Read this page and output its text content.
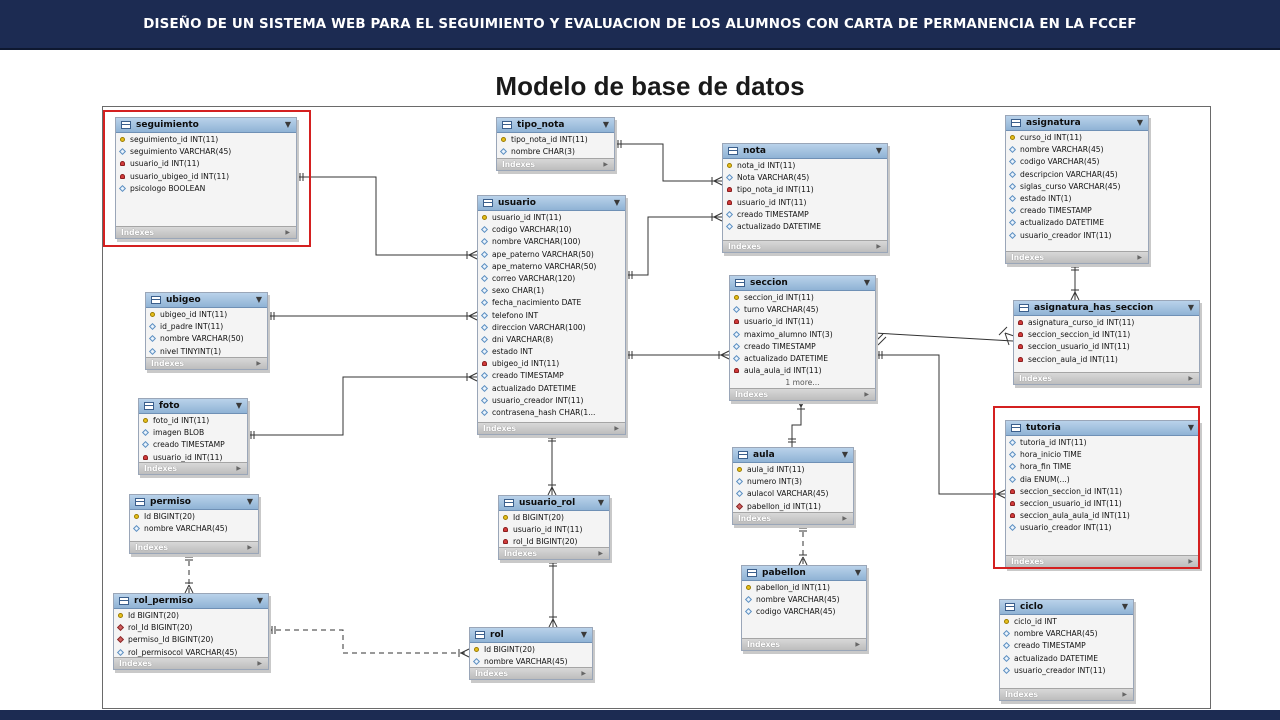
DISEÑO DE UN SISTEMA WEB PARA EL SEGUIMIENTO Y EVALUACION DE LOS ALUMNOS CON CARTA DE PERMANENCIA EN LA FCCEF
Modelo de base de datos
seguimiento	▼
seguimiento_id INT(11)
seguimiento VARCHAR(45)
usuario_id INT(11)
usuario_ubigeo_id INT(11)
psicologo BOOLEAN
Indexes	▶
tipo_nota	▼
tipo_nota_id INT(11)
nombre CHAR(3)
Indexes	▶
nota	▼
nota_id INT(11)
Nota VARCHAR(45)
tipo_nota_id INT(11)
usuario_id INT(11)
creado TIMESTAMP
actualizado DATETIME
Indexes	▶
asignatura	▼
curso_id INT(11)
nombre VARCHAR(45)
codigo VARCHAR(45)
descripcion VARCHAR(45)
siglas_curso VARCHAR(45)
estado INT(1)
creado TIMESTAMP
actualizado DATETIME
usuario_creador INT(11)
Indexes	▶
usuario	▼
usuario_id INT(11)
codigo VARCHAR(10)
nombre VARCHAR(100)
ape_paterno VARCHAR(50)
ape_materno VARCHAR(50)
correo VARCHAR(120)
sexo CHAR(1)
fecha_nacimiento DATE
telefono INT
direccion VARCHAR(100)
dni VARCHAR(8)
estado INT
ubigeo_id INT(11)
creado TIMESTAMP
actualizado DATETIME
usuario_creador INT(11)
contrasena_hash CHAR(1...
Indexes	▶
ubigeo	▼
ubigeo_id INT(11)
id_padre INT(11)
nombre VARCHAR(50)
nivel TINYINT(1)
Indexes	▶
seccion	▼
seccion_id INT(11)
turno VARCHAR(45)
usuario_id INT(11)
maximo_alumno INT(3)
creado TIMESTAMP
actualizado DATETIME
aula_aula_id INT(11)
1 more...
Indexes	▶
asignatura_has_seccion	▼
asignatura_curso_id INT(11)
seccion_seccion_id INT(11)
seccion_usuario_id INT(11)
seccion_aula_id INT(11)
Indexes	▶
foto	▼
foto_id INT(11)
imagen BLOB
creado TIMESTAMP
usuario_id INT(11)
Indexes	▶
aula	▼
aula_id INT(11)
numero INT(3)
aulacol VARCHAR(45)
pabellon_id INT(11)
Indexes	▶
tutoria	▼
tutoria_id INT(11)
hora_inicio TIME
hora_fin TIME
dia ENUM(...)
seccion_seccion_id INT(11)
seccion_usuario_id INT(11)
seccion_aula_aula_id INT(11)
usuario_creador INT(11)
Indexes	▶
permiso	▼
Id BIGINT(20)
nombre VARCHAR(45)
Indexes	▶
usuario_rol	▼
Id BIGINT(20)
usuario_id INT(11)
rol_Id BIGINT(20)
Indexes	▶
pabellon	▼
pabellon_id INT(11)
nombre VARCHAR(45)
codigo VARCHAR(45)
Indexes	▶
rol_permiso	▼
Id BIGINT(20)
rol_Id BIGINT(20)
permiso_Id BIGINT(20)
rol_permisocol VARCHAR(45)
Indexes	▶
rol	▼
Id BIGINT(20)
nombre VARCHAR(45)
Indexes	▶
ciclo	▼
ciclo_id INT
nombre VARCHAR(45)
creado TIMESTAMP
actualizado DATETIME
usuario_creador INT(11)
Indexes	▶
